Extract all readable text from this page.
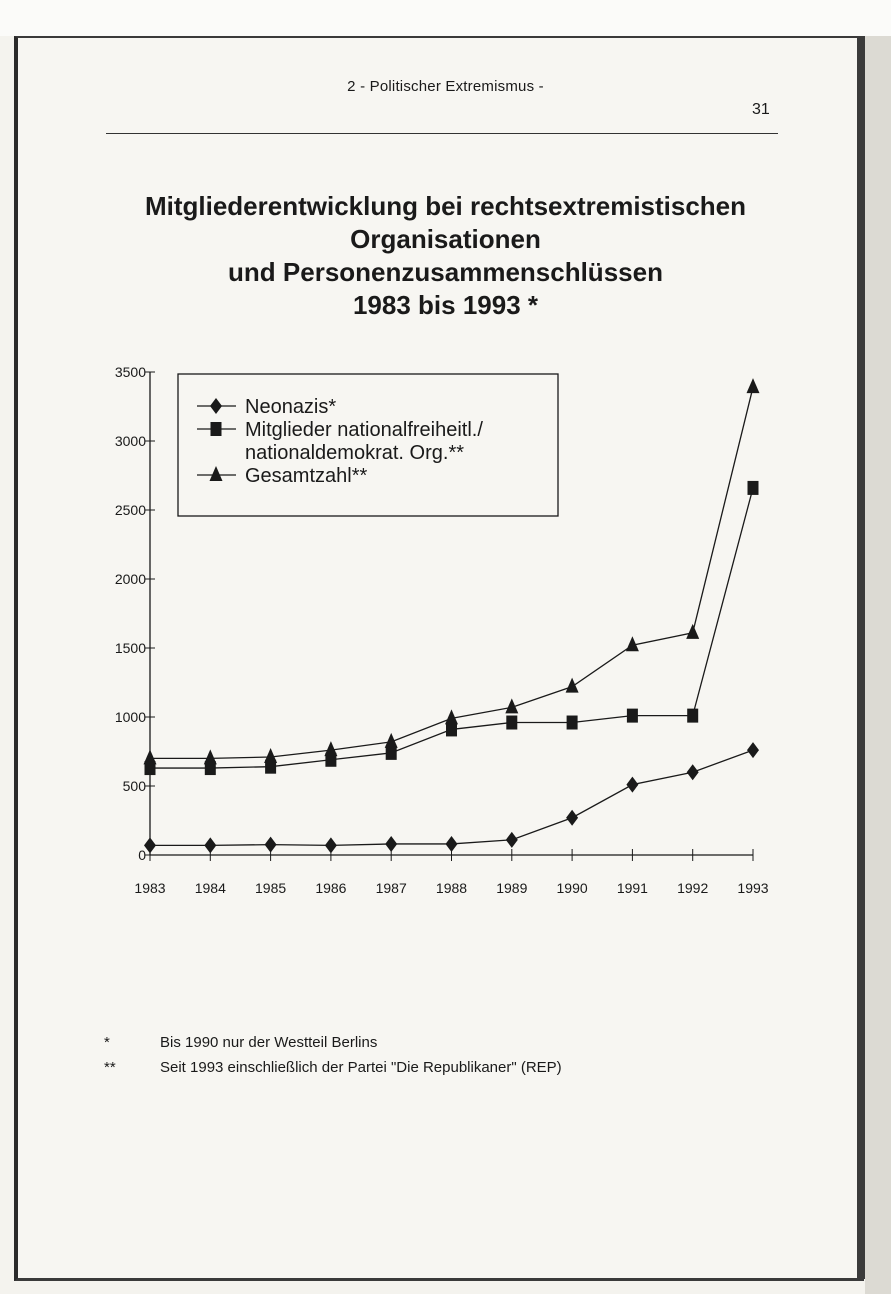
2 - Politischer Extremismus -
31
Mitgliederentwicklung bei rechtsextremistischen
Organisationen
und Personenzusammenschlüssen
1983 bis 1993 *
0
500
1000
1500
2000
2500
3000
3500
1983 1984 1985 1986 1987 1988 1989 1990 1991 1992 1993
Neonazis*
Mitglieder nationalfreiheitl./
nationaldemokrat. Org.**
Gesamtzahl**
*	Bis 1990 nur der Westteil Berlins
**	Seit 1993 einschließlich der Partei "Die Republikaner" (REP)
